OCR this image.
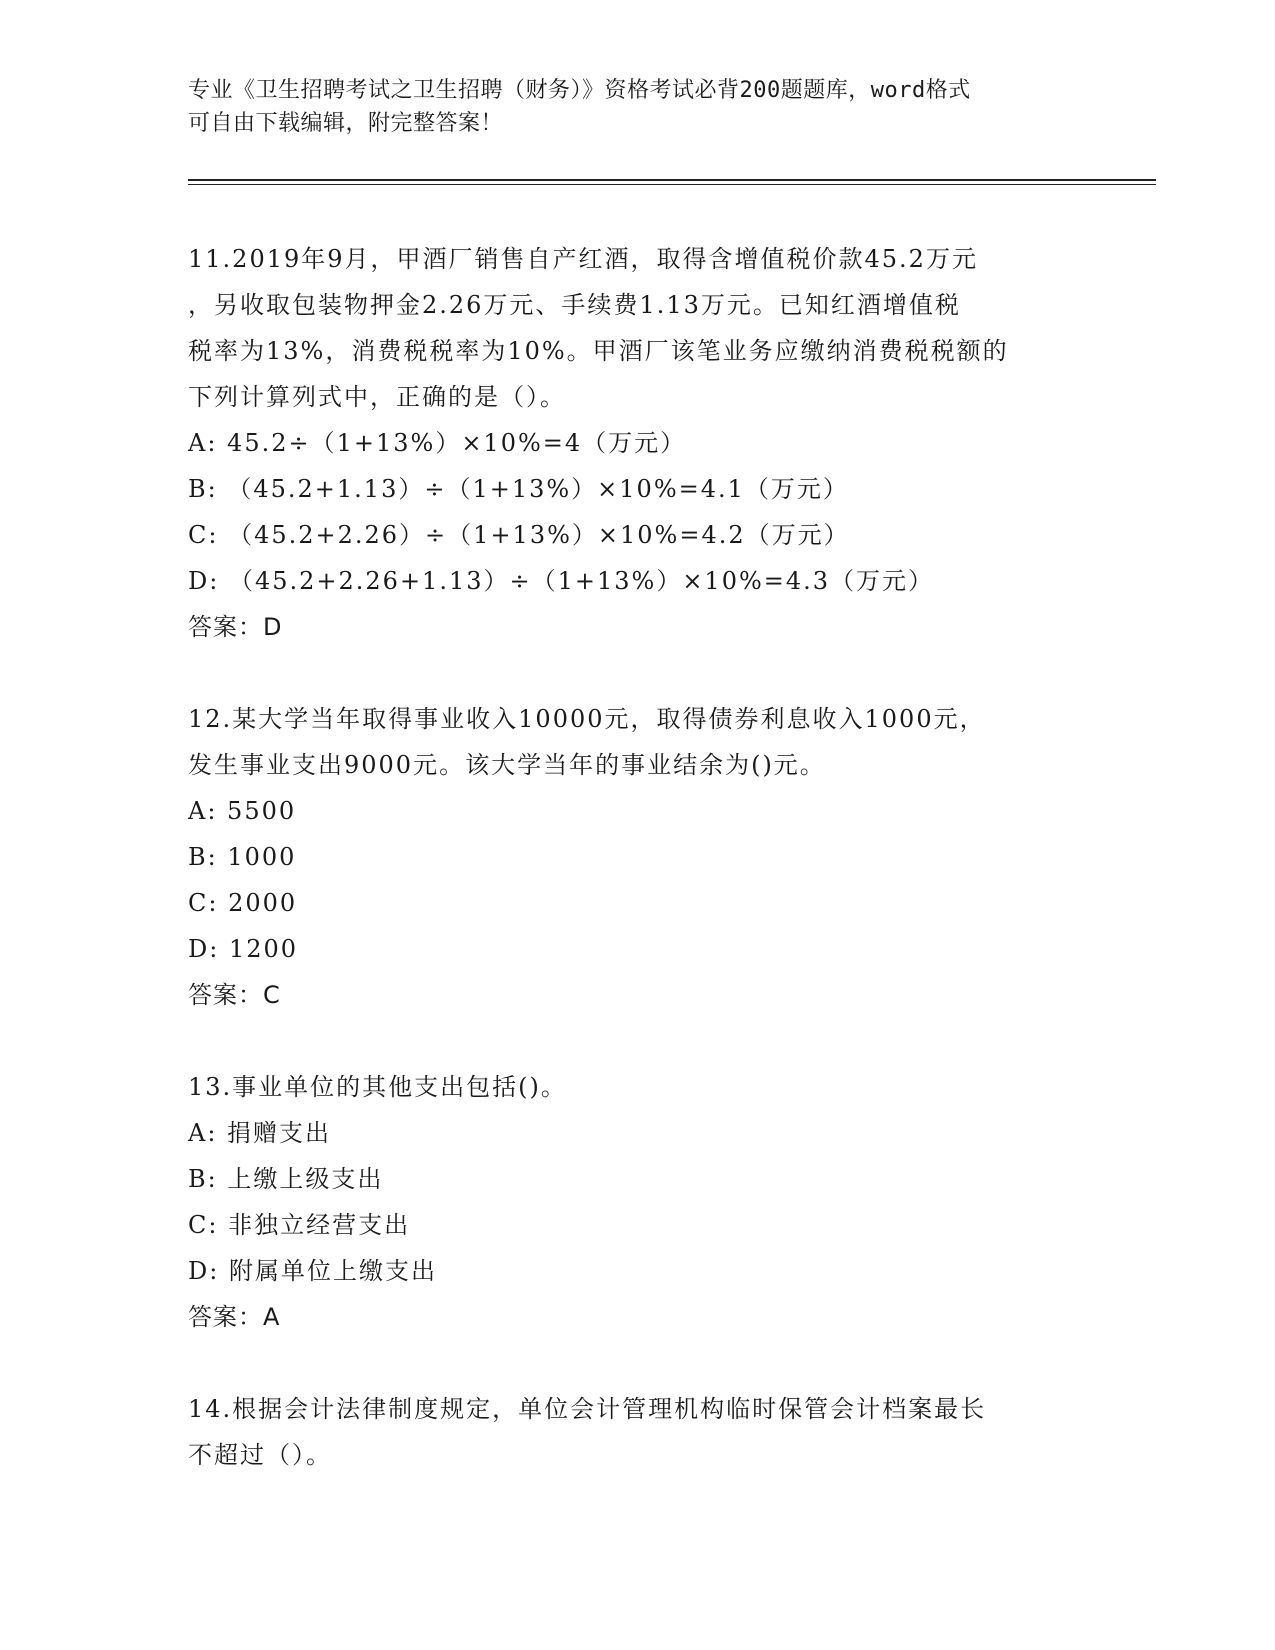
专业《卫生招聘考试之卫生招聘（财务）》资格考试必背200题题库，word格式
可自由下载编辑，附完整答案！
11.2019年9月，甲酒厂销售自产红酒，取得含增值税价款45.2万元
，另收取包装物押金2.26万元、手续费1.13万元。已知红酒增值税
税率为13%，消费税税率为10%。甲酒厂该笔业务应缴纳消费税税额的
下列计算列式中，正确的是（）。
A: 45.2÷（1+13%）×10%=4（万元）
B: （45.2+1.13）÷（1+13%）×10%=4.1（万元）
C: （45.2+2.26）÷（1+13%）×10%=4.2（万元）
D: （45.2+2.26+1.13）÷（1+13%）×10%=4.3（万元）
答案：D
12.某大学当年取得事业收入10000元，取得债券利息收入1000元，
发生事业支出9000元。该大学当年的事业结余为()元。
A: 5500
B: 1000
C: 2000
D: 1200
答案：C
13.事业单位的其他支出包括()。
A: 捐赠支出
B: 上缴上级支出
C: 非独立经营支出
D: 附属单位上缴支出
答案：A
14.根据会计法律制度规定，单位会计管理机构临时保管会计档案最长
不超过（）。
